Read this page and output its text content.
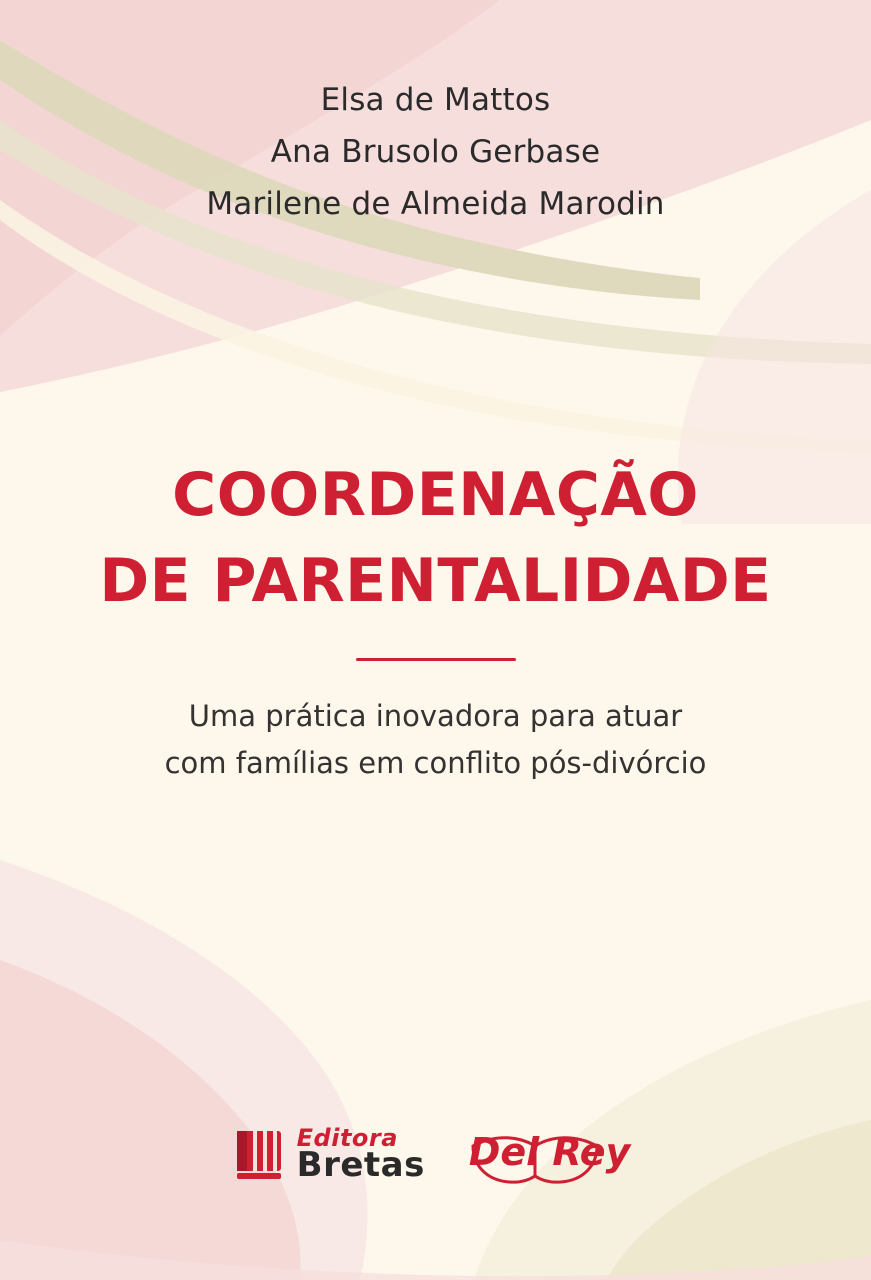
Elsa de Mattos
Ana Brusolo Gerbase
Marilene de Almeida Marodin
COORDENAÇÃO
DE PARENTALIDADE
Uma prática inovadora para atuar
com famílias em conflito pós-divórcio
Editora
Bretas Del Rey
